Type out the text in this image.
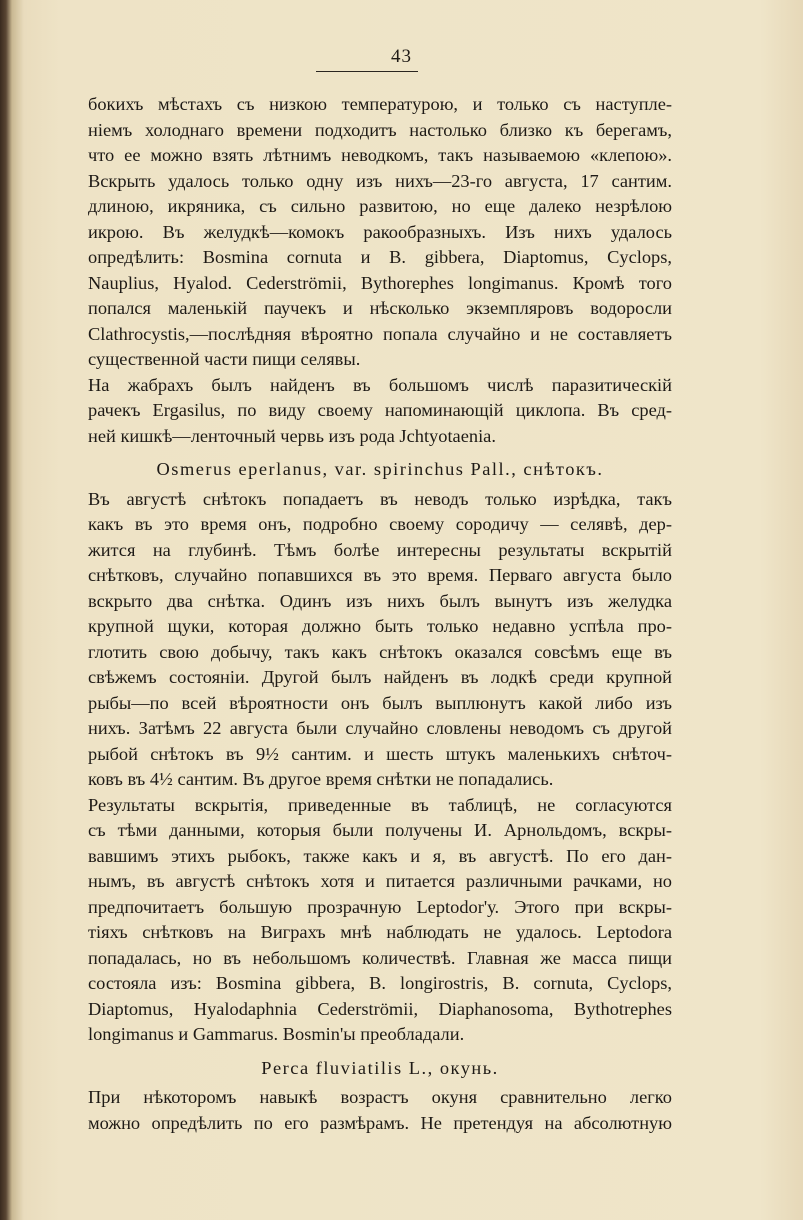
43
бокихъ мѣстахъ съ низкою температурою, и только съ наступле-
ніемъ холоднаго времени подходитъ настолько близко къ берегамъ,
что ее можно взять лѣтнимъ неводкомъ, такъ называемою «клепою».
Вскрыть удалось только одну изъ нихъ—23-го августа, 17 сантим.
длиною, икряника, съ сильно развитою, но еще далеко незрѣлою
икрою. Въ желудкѣ—комокъ ракообразныхъ. Изъ нихъ удалось
опредѣлить: Bosmina cornuta и B. gibbera, Diaptomus, Cyclops,
Nauplius, Hyalod. Cederströmii, Bythorephes longimanus. Кромѣ того
попался маленькій паучекъ и нѣсколько экземпляровъ водоросли
Clathrocystis,—послѣдняя вѣроятно попала случайно и не составляетъ
существенной части пищи селявы.
На жабрахъ былъ найденъ въ большомъ числѣ паразитическій
рачекъ Ergasilus, по виду своему напоминающій циклопа. Въ сред-
ней кишкѣ—ленточный червь изъ рода Jchtyotaenia.
Osmerus eperlanus, var. spirinchus Pall., снѣтокъ.
Въ августѣ снѣтокъ попадаетъ въ неводъ только изрѣдка, такъ
какъ въ это время онъ, подробно своему сородичу — селявѣ, дер-
жится на глубинѣ. Тѣмъ болѣе интересны результаты вскрытій
снѣтковъ, случайно попавшихся въ это время. Перваго августа было
вскрыто два снѣтка. Одинъ изъ нихъ былъ вынутъ изъ желудка
крупной щуки, которая должно быть только недавно успѣла про-
глотить свою добычу, такъ какъ снѣтокъ оказался совсѣмъ еще въ
свѣжемъ состояніи. Другой былъ найденъ въ лодкѣ среди крупной
рыбы—по всей вѣроятности онъ былъ выплюнутъ какой либо изъ
нихъ. Затѣмъ 22 августа были случайно словлены неводомъ съ другой
рыбой снѣтокъ въ 9½ сантим. и шесть штукъ маленькихъ снѣточ-
ковъ въ 4½ сантим. Въ другое время снѣтки не попадались.
Результаты вскрытія, приведенные въ таблицѣ, не согласуются
съ тѣми данными, которыя были получены И. Арнольдомъ, вскры-
вавшимъ этихъ рыбокъ, также какъ и я, въ августѣ. По его дан-
нымъ, въ августѣ снѣтокъ хотя и питается различными рачками, но
предпочитаетъ большую прозрачную Leptodor'у. Этого при вскры-
тіяхъ снѣтковъ на Виграхъ мнѣ наблюдать не удалось. Leptodora
попадалась, но въ небольшомъ количествѣ. Главная же масса пищи
состояла изъ: Bosmina gibbera, B. longirostris, B. cornuta, Cyclops,
Diaptomus, Hyalodaphnia Cederströmii, Diaphanosoma, Bythotrephes
longimanus и Gammarus. Bosmin'ы преобладали.
Perca fluviatilis L., окунь.
При нѣкоторомъ навыкѣ возрастъ окуня сравнительно легко
можно опредѣлить по его размѣрамъ. Не претендуя на абсолютную
